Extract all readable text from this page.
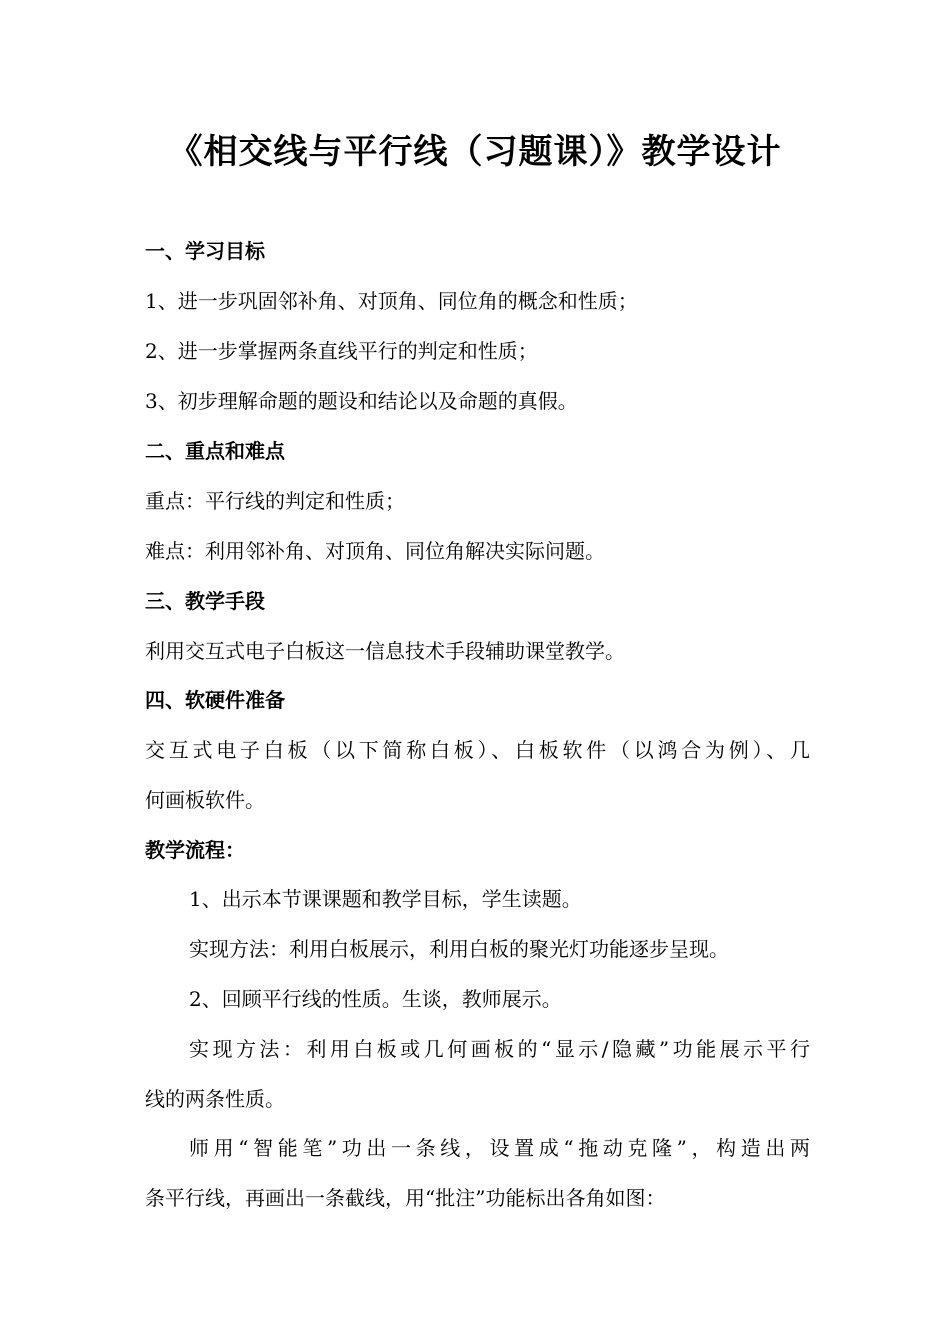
《相交线与平行线（习题课）》教学设计
一、学习目标
1、进一步巩固邻补角、对顶角、同位角的概念和性质；
2、进一步掌握两条直线平行的判定和性质；
3、初步理解命题的题设和结论以及命题的真假。
二、重点和难点
重点：平行线的判定和性质；
难点：利用邻补角、对顶角、同位角解决实际问题。
三、教学手段
利用交互式电子白板这一信息技术手段辅助课堂教学。
四、软硬件准备
交互式电子白板（以下简称白板）、白板软件（以鸿合为例）、几
何画板软件。
教学流程：
1、出示本节课课题和教学目标，学生读题。
实现方法：利用白板展示，利用白板的聚光灯功能逐步呈现。
2、回顾平行线的性质。生谈，教师展示。
实现方法：利用白板或几何画板的“显示/隐藏”功能展示平行
线的两条性质。
师用“智能笔”功出一条线，设置成“拖动克隆”，构造出两
条平行线，再画出一条截线，用“批注”功能标出各角如图：
